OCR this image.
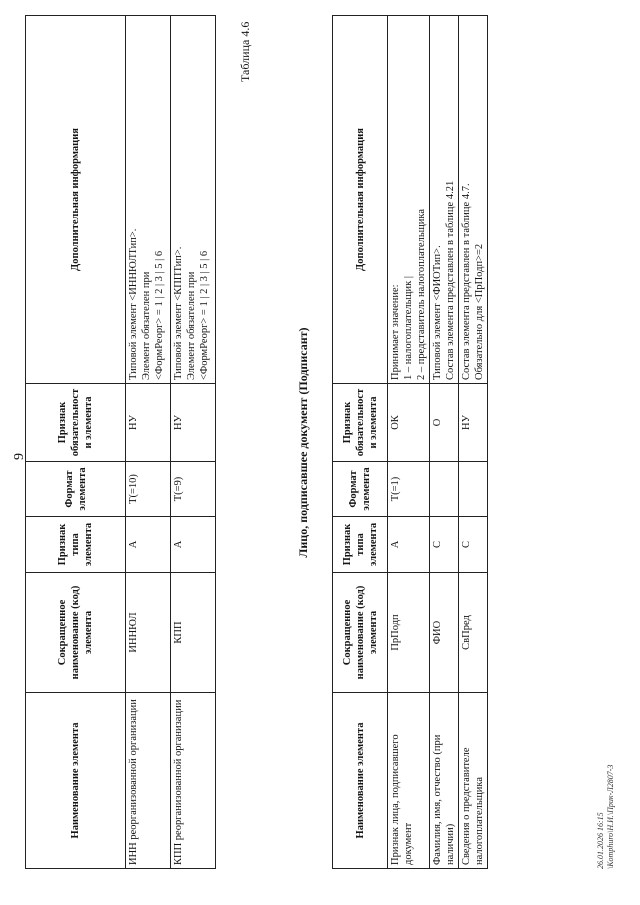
9
Наименование элемента	Сокращенное наименование (код) элемента	Признак типа элемента	Формат элемента	Признак обязательности элемента	Дополнительная информация
ИНН реорганизованной организации	ИННЮЛ	А	T(=10)	НУ	Типовой элемент <ИННЮЛТип>. Элемент обязателен при <ФормРеорг> = 1 | 2 | 3 | 5 | 6

КПП реорганизованной организации	КПП	А	T(=9)	НУ	Типовой элемент <КППТип>. Элемент обязателен при <ФормРеорг> = 1 | 2 | 3 | 5 | 6
Таблица 4.6
Лицо, подписавшее документ (Подписант)
Наименование элемента	Сокращенное наименование (код) элемента	Признак типа элемента	Формат элемента	Признак обязательности элемента	Дополнительная информация
Признак лица, подписавшего документ	ПрПодп	А	T(=1)	ОК	Принимает значение: 1 – налогоплательщик | 2 – представитель налогоплательщика

Фамилия, имя, отчество (при наличии)	ФИО	С		О	Типовой элемент <ФИОТип>. Состав элемента представлен в таблице 4.21

Сведения о представителе налогоплательщика	СвПред	С		НУ	Состав элемента представлен в таблице 4.7. Обязательно для <ПрПодп>=2
26.01.2026 16:15 \Komphuro\Н.И.\Прик-Л2807-3
